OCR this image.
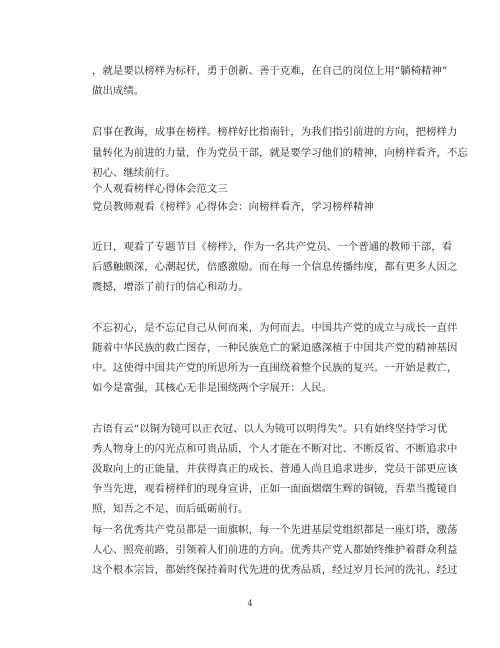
，就是要以榜样为标杆，勇于创新、善于克难，在自己的岗位上用“躺椅精神”
做出成绩。
启事在教诲，成事在榜样。榜样好比指南针，为我们指引前进的方向，把榜样力
量转化为前进的力量，作为党员干部，就是要学习他们的精神，向榜样看齐，不忘
初心、继续前行。
个人观看榜样心得体会范文三
党员教师观看《榜样》心得体会：向榜样看齐，学习榜样精神
近日，观看了专题节目《榜样》，作为一名共产党员、一个普通的教师干部，看
后感触颇深，心潮起伏，倍感激励。而在每一个信息传播纬度，都有更多人因之
震撼，增添了前行的信心和动力。
不忘初心，是不忘记自己从何而来，为何而去。中国共产党的成立与成长一直伴
随着中华民族的救亡图存，一种民族危亡的紧迫感深植于中国共产党的精神基因
中。这使得中国共产党的所思所为一直围绕着整个民族的复兴。一开始是救亡，
如今是富强，其核心无非是围绕两个字展开：人民。
古语有云“以铜为镜可以正衣冠、以人为镜可以明得失”。只有始终坚持学习优
秀人物身上的闪光点和可贵品质，个人才能在不断对比、不断反省、不断追求中
汲取向上的正能量，并获得真正的成长、普通人尚且追求进步，党员干部更应该
争当先进，观看榜样们的现身宣讲，正如一面面熠熠生辉的铜镜，吾辈当揽镜自
照，知吾之不足，而后砥砺前行。
每一名优秀共产党员都是一面旗帜，每一个先进基层党组织都是一座灯塔，激荡
人心、照亮前路，引领着人们前进的方向。优秀共产党人都始终维护着群众利益
这个根本宗旨，都始终保持着时代先进的优秀品质，经过岁月长河的洗礼、经过
4
